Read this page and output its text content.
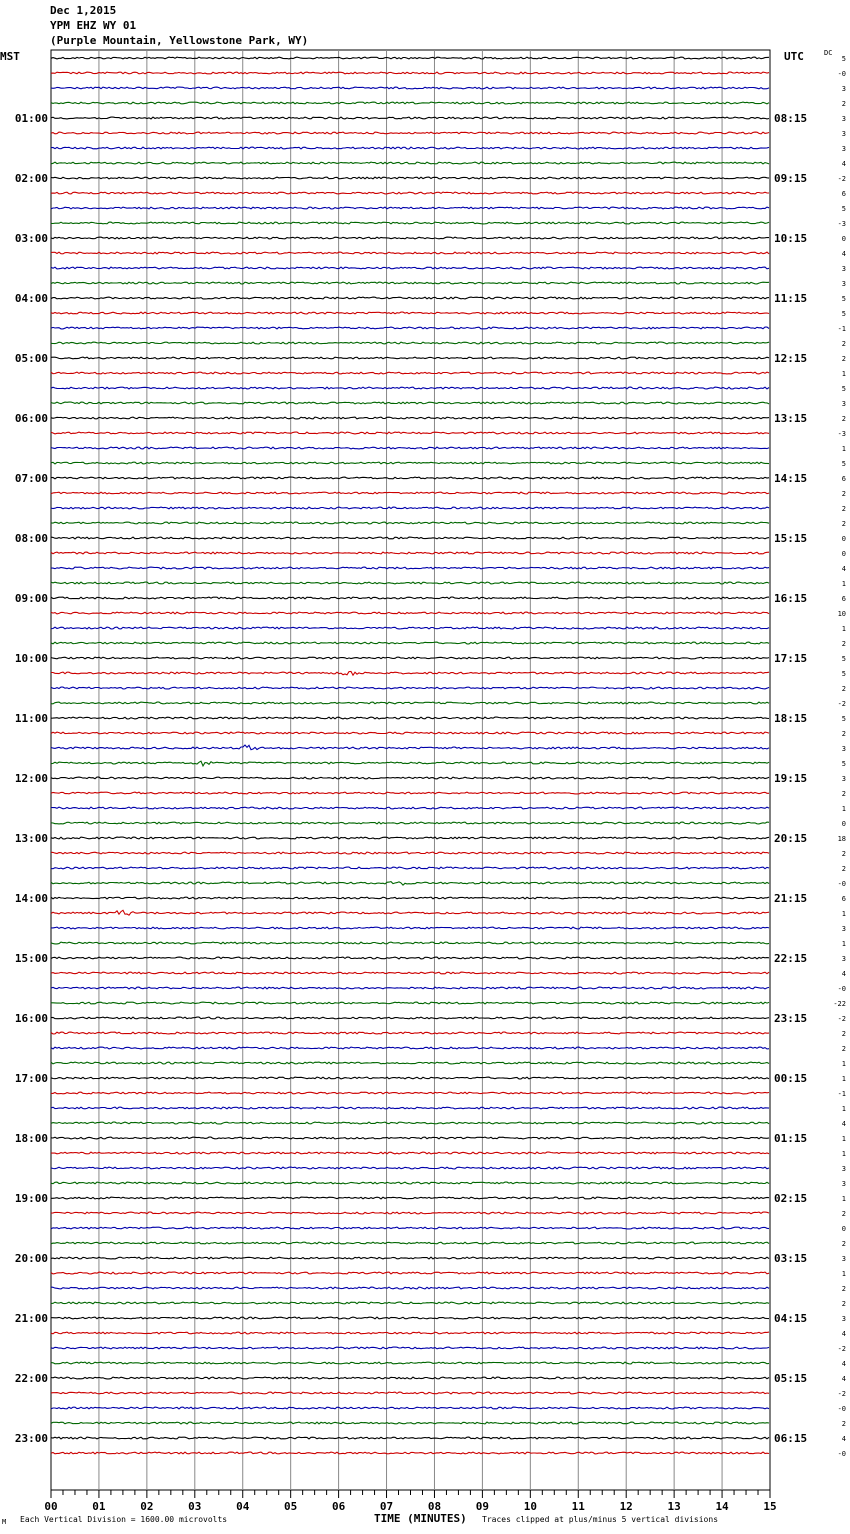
Dec 1,2015
YPM EHZ WY 01
(Purple Mountain, Yellowstone Park, WY)
MST	UTC	DC
5
-0
3
2
3
3
3
4
-2
6
5
-3
0
4
3
3
5
5
-1
2
2
1
5
3
2
-3
1
5
6
2
2
2
0
0
4
1
6
10
1
2
5
5
2
-2
5
2
3
5
3
2
1
0
18
2
2
-0
6
1
3
1
3
4
-0
-22
-2
2
2
1
1
-1
1
4
1
1
3
3
1
2
0
2
3
1
2
2
3
4
-2
4
4
-2
-0
2
4
-0
01:00
02:00
03:00
04:00
05:00
06:00
07:00
08:00
09:00
10:00
11:00
12:00
13:00
14:00
15:00
16:00
17:00
18:00
19:00
20:00
21:00
22:00
23:00
08:15
09:15
10:15
11:15
12:15
13:15
14:15
15:15
16:15
17:15
18:15
19:15
20:15
21:15
22:15
23:15
00:15
01:15
02:15
03:15
04:15
05:15
06:15
00	01	02	03	04	05	06	07	08	09	10	11	12	13	14	15
M Each Vertical Division = 1600.00 microvolts	TIME (MINUTES) Traces clipped at plus/minus 5 vertical divisions
